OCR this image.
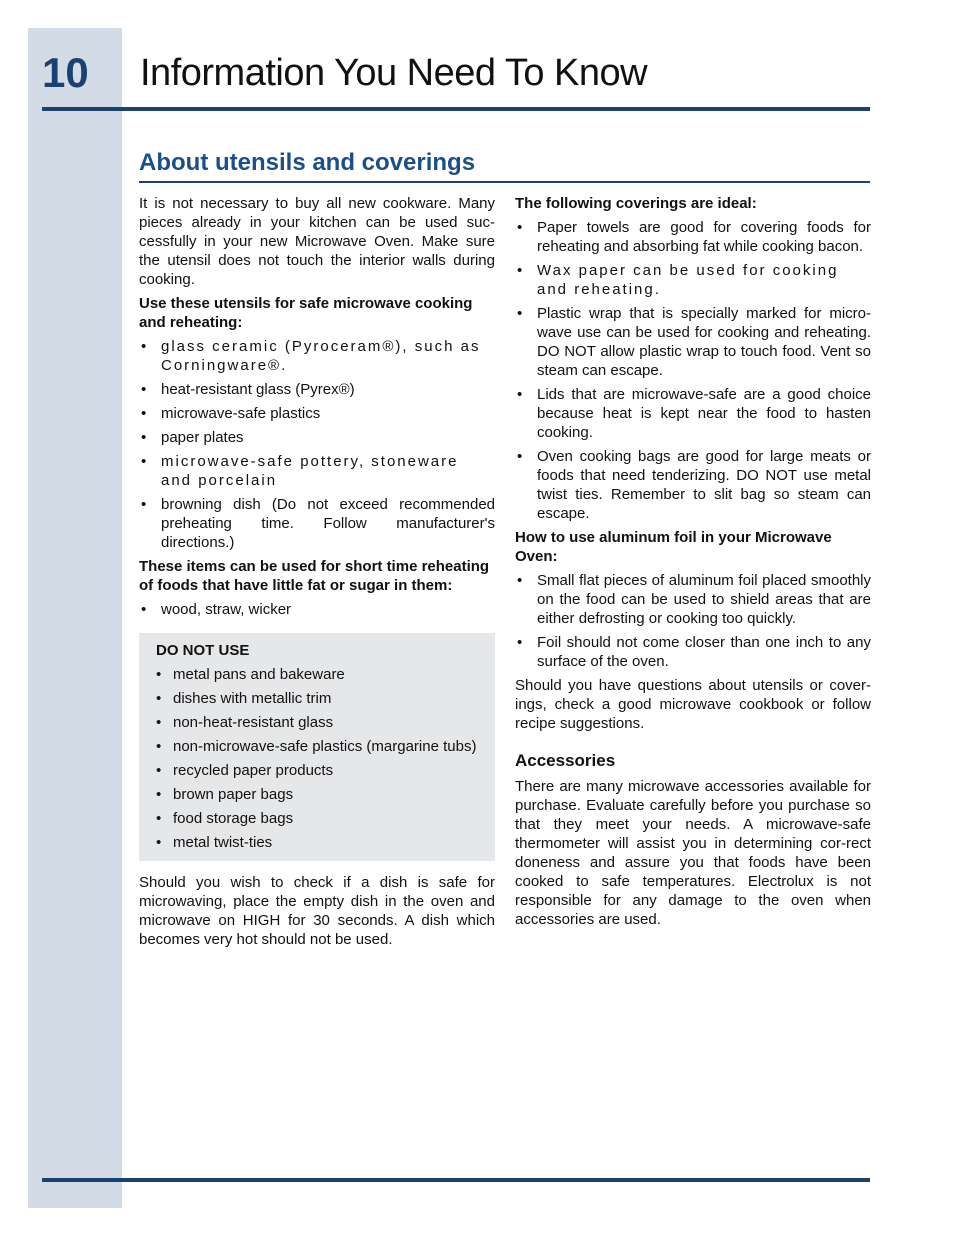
10 Information You Need To Know
About utensils and coverings

It is not necessary to buy all new cookware. Many pieces already in your kitchen can be used suc-cessfully in your new Microwave Oven. Make sure the utensil does not touch the interior walls during cooking.

Use these utensils for safe microwave cooking and reheating:

• glass ceramic (Pyroceram®), such as Corningware®.
• heat-resistant glass (Pyrex®)
• microwave-safe plastics
• paper plates
• microwave-safe pottery, stoneware and porcelain
• browning dish (Do not exceed recommended preheating time. Follow manufacturer's directions.)

These items can be used for short time reheating of foods that have little fat or sugar in them:

• wood, straw, wicker
DO NOT USE
• metal pans and bakeware
• dishes with metallic trim
• non-heat-resistant glass
• non-microwave-safe plastics (margarine tubs)
• recycled paper products
• brown paper bags
• food storage bags
• metal twist-ties

Should you wish to check if a dish is safe for microwaving, place the empty dish in the oven and microwave on HIGH for 30 seconds. A dish which becomes very hot should not be used.

The following coverings are ideal:

• Paper towels are good for covering foods for reheating and absorbing fat while cooking bacon.
• Wax paper can be used for cooking and reheating.
• Plastic wrap that is specially marked for micro-wave use can be used for cooking and reheating. DO NOT allow plastic wrap to touch food. Vent so steam can escape.
• Lids that are microwave-safe are a good choice because heat is kept near the food to hasten cooking.
• Oven cooking bags are good for large meats or foods that need tenderizing. DO NOT use metal twist ties. Remember to slit bag so steam can escape.

How to use aluminum foil in your Microwave Oven:

• Small flat pieces of aluminum foil placed smoothly on the food can be used to shield areas that are either defrosting or cooking too quickly.
• Foil should not come closer than one inch to any surface of the oven.

Should you have questions about utensils or cover-ings, check a good microwave cookbook or follow recipe suggestions.

Accessories

There are many microwave accessories available for purchase. Evaluate carefully before you purchase so that they meet your needs. A microwave-safe thermometer will assist you in determining cor-rect doneness and assure you that foods have been cooked to safe temperatures. Electrolux is not responsible for any damage to the oven when accessories are used.
